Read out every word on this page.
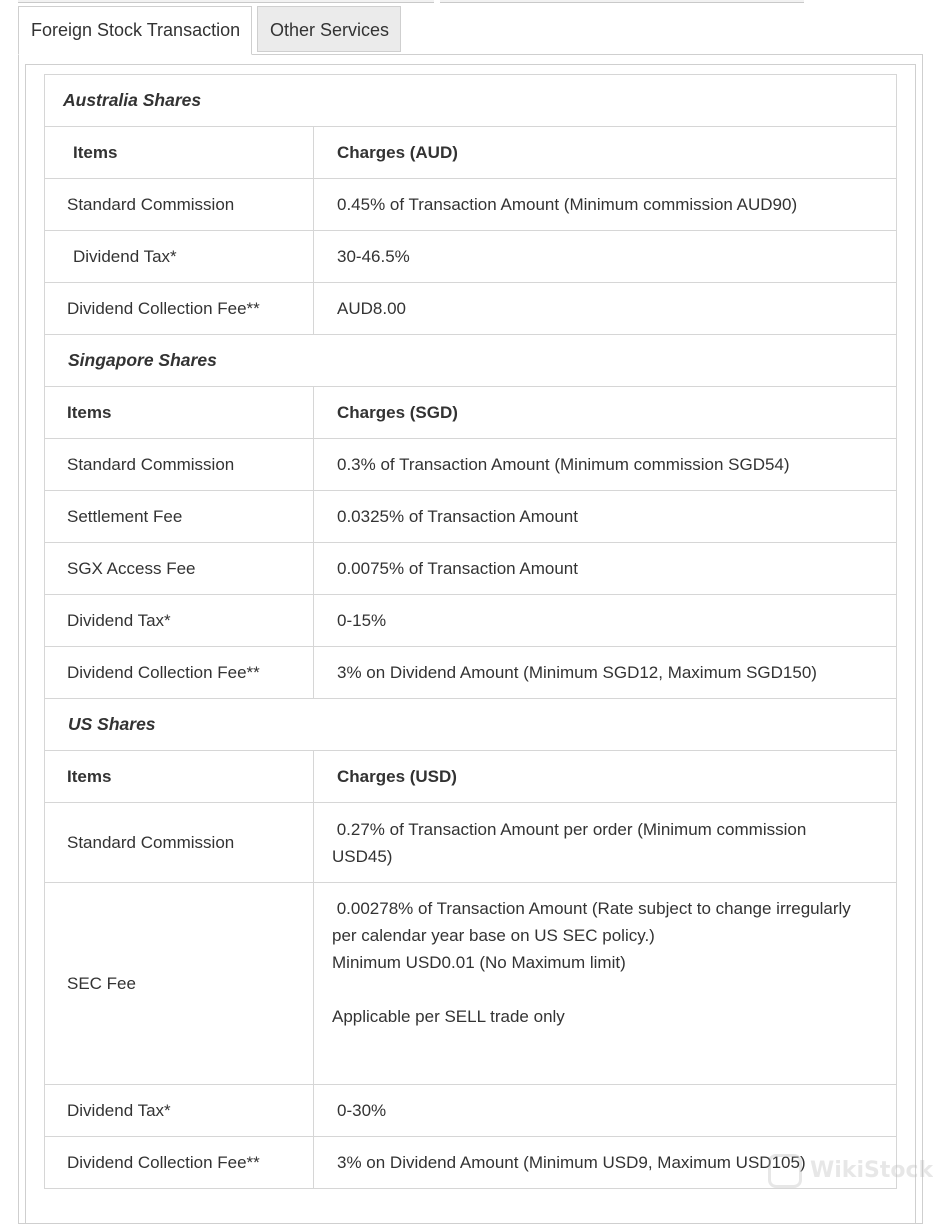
Foreign Stock Transaction	Other Services
Australia Shares	
Items	Charges (AUD)
Standard Commission	0.45% of Transaction Amount (Minimum commission AUD90)
Dividend Tax*	30-46.5%
Dividend Collection Fee**	AUD8.00
Singapore Shares	
Items	Charges (SGD)
Standard Commission	0.3% of Transaction Amount (Minimum commission SGD54)
Settlement Fee	0.0325% of Transaction Amount
SGX Access Fee	0.0075% of Transaction Amount
Dividend Tax*	0-15%
Dividend Collection Fee**	3% on Dividend Amount (Minimum SGD12, Maximum SGD150)
US Shares	
Items	Charges (USD)
Standard Commission	0.27% of Transaction Amount per order (Minimum commission
USD45)

SEC Fee	0.00278% of Transaction Amount (Rate subject to change irregularly
per calendar year base on US SEC policy.)
Minimum USD0.01 (No Maximum limit)
Applicable per SELL trade only

Dividend Tax*	0-30%
Dividend Collection Fee**	3% on Dividend Amount (Minimum USD9, Maximum USD105) WikiStock
